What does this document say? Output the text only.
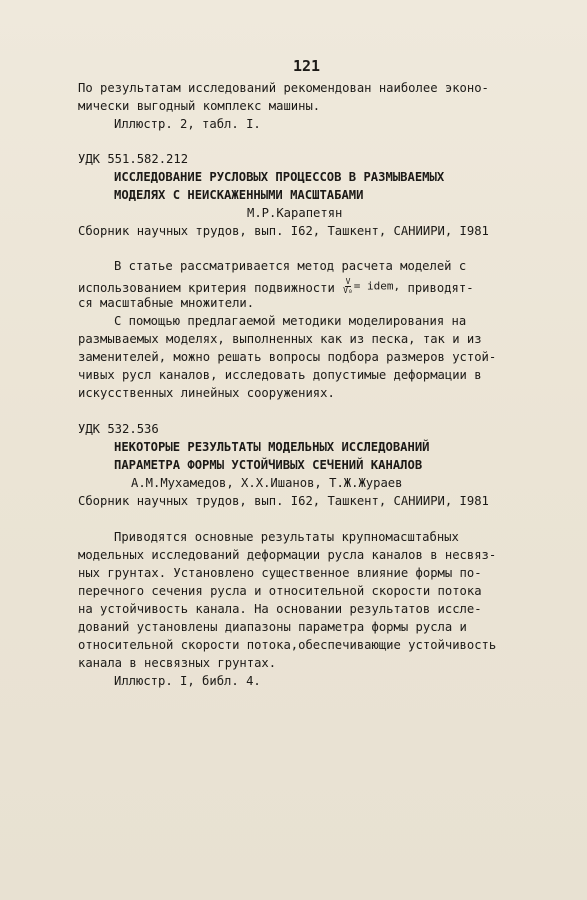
121
По результатам исследований рекомендован наиболее эконо-
мически выгодный комплекс машины.
Иллюстр. 2, табл. I.
УДК 551.582.212
ИССЛЕДОВАНИЕ РУСЛОВЫХ ПРОЦЕССОВ В РАЗМЫВАЕМЫХ
МОДЕЛЯХ С НЕИСКАЖЕННЫМИ МАСШТАБАМИ
М.Р.Карапетян
Сборник научных трудов, вып. I62, Ташкент, САНИИРИ, I981
В статье рассматривается метод расчета моделей с
использованием критерия подвижности $\frac{V}{\text{V₀}}$ = idem, приводят-
ся масштабные множители.
С помощью предлагаемой методики моделирования на
размываемых моделях, выполненных как из песка, так и из
заменителей, можно решать вопросы подбора размеров устой-
чивых русл каналов, исследовать допустимые деформации в
искусственных линейных сооружениях.
УДК 532.536
НЕКОТОРЫЕ РЕЗУЛЬТАТЫ МОДЕЛЬНЫХ ИССЛЕДОВАНИЙ
ПАРАМЕТРА ФОРМЫ УСТОЙЧИВЫХ СЕЧЕНИЙ КАНАЛОВ
А.М.Мухамедов, Х.Х.Ишанов, Т.Ж.Жураев
Сборник научных трудов, вып. I62, Ташкент, САНИИРИ, I981
Приводятся основные результаты крупномасштабных
модельных исследований деформации русла каналов в несвяз-
ных грунтах. Установлено существенное влияние формы по-
перечного сечения русла и относительной скорости потока
на устойчивость канала. На основании результатов иссле-
дований установлены диапазоны параметра формы русла и
относительной скорости потока,обеспечивающие устойчивость
канала в несвязных грунтах.
Иллюстр. I, библ. 4.
